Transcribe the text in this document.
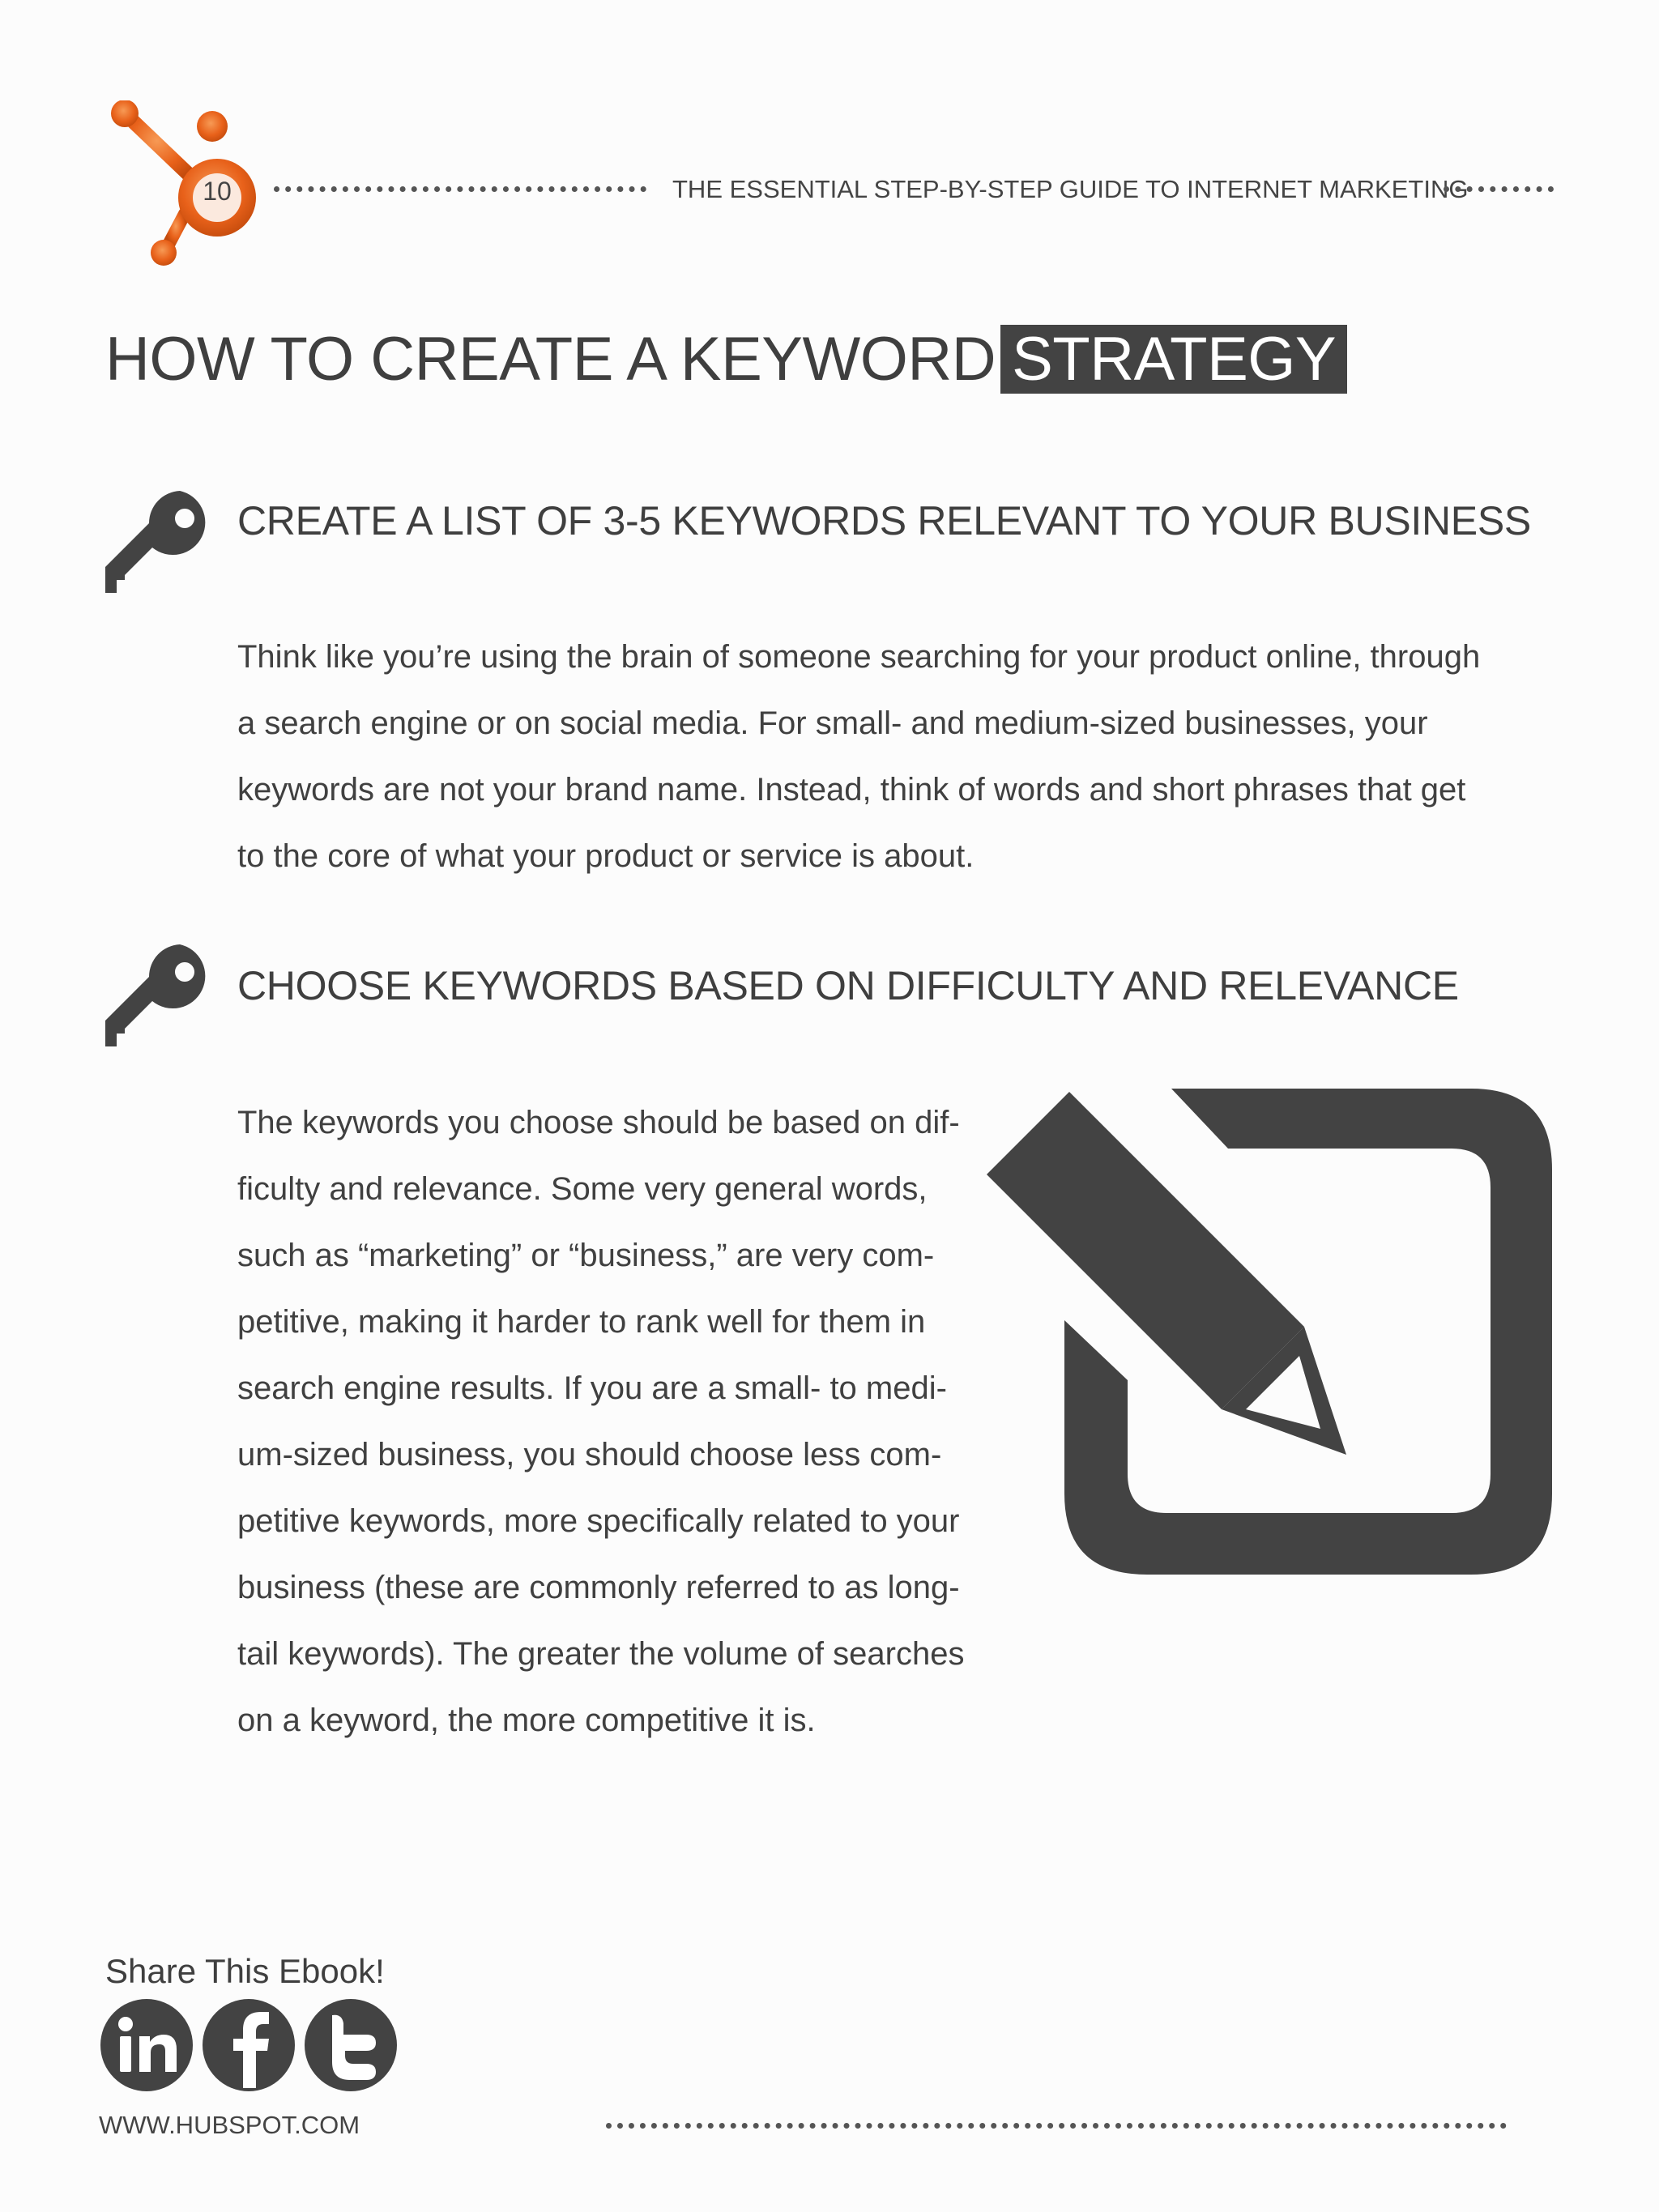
10	THE ESSENTIAL STEP-BY-STEP GUIDE TO INTERNET MARKETING
HOW TO CREATE A KEYWORD STRATEGY
CREATE A LIST OF 3-5 KEYWORDS RELEVANT TO YOUR BUSINESS
Think like you’re using the brain of someone searching for your product online, through
a search engine or on social media. For small- and medium-sized businesses, your
keywords are not your brand name. Instead, think of words and short phrases that get
to the core of what your product or service is about.
CHOOSE KEYWORDS BASED ON DIFFICULTY AND RELEVANCE
The keywords you choose should be based on dif-
ficulty and relevance. Some very general words,
such as “marketing” or “business,” are very com-
petitive, making it harder to rank well for them in
search engine results. If you are a small- to medi-
um-sized business, you should choose less com-
petitive keywords, more specifically related to your
business (these are commonly referred to as long-
tail keywords). The greater the volume of searches
on a keyword, the more competitive it is.
Share This Ebook!
WWW.HUBSPOT.COM
